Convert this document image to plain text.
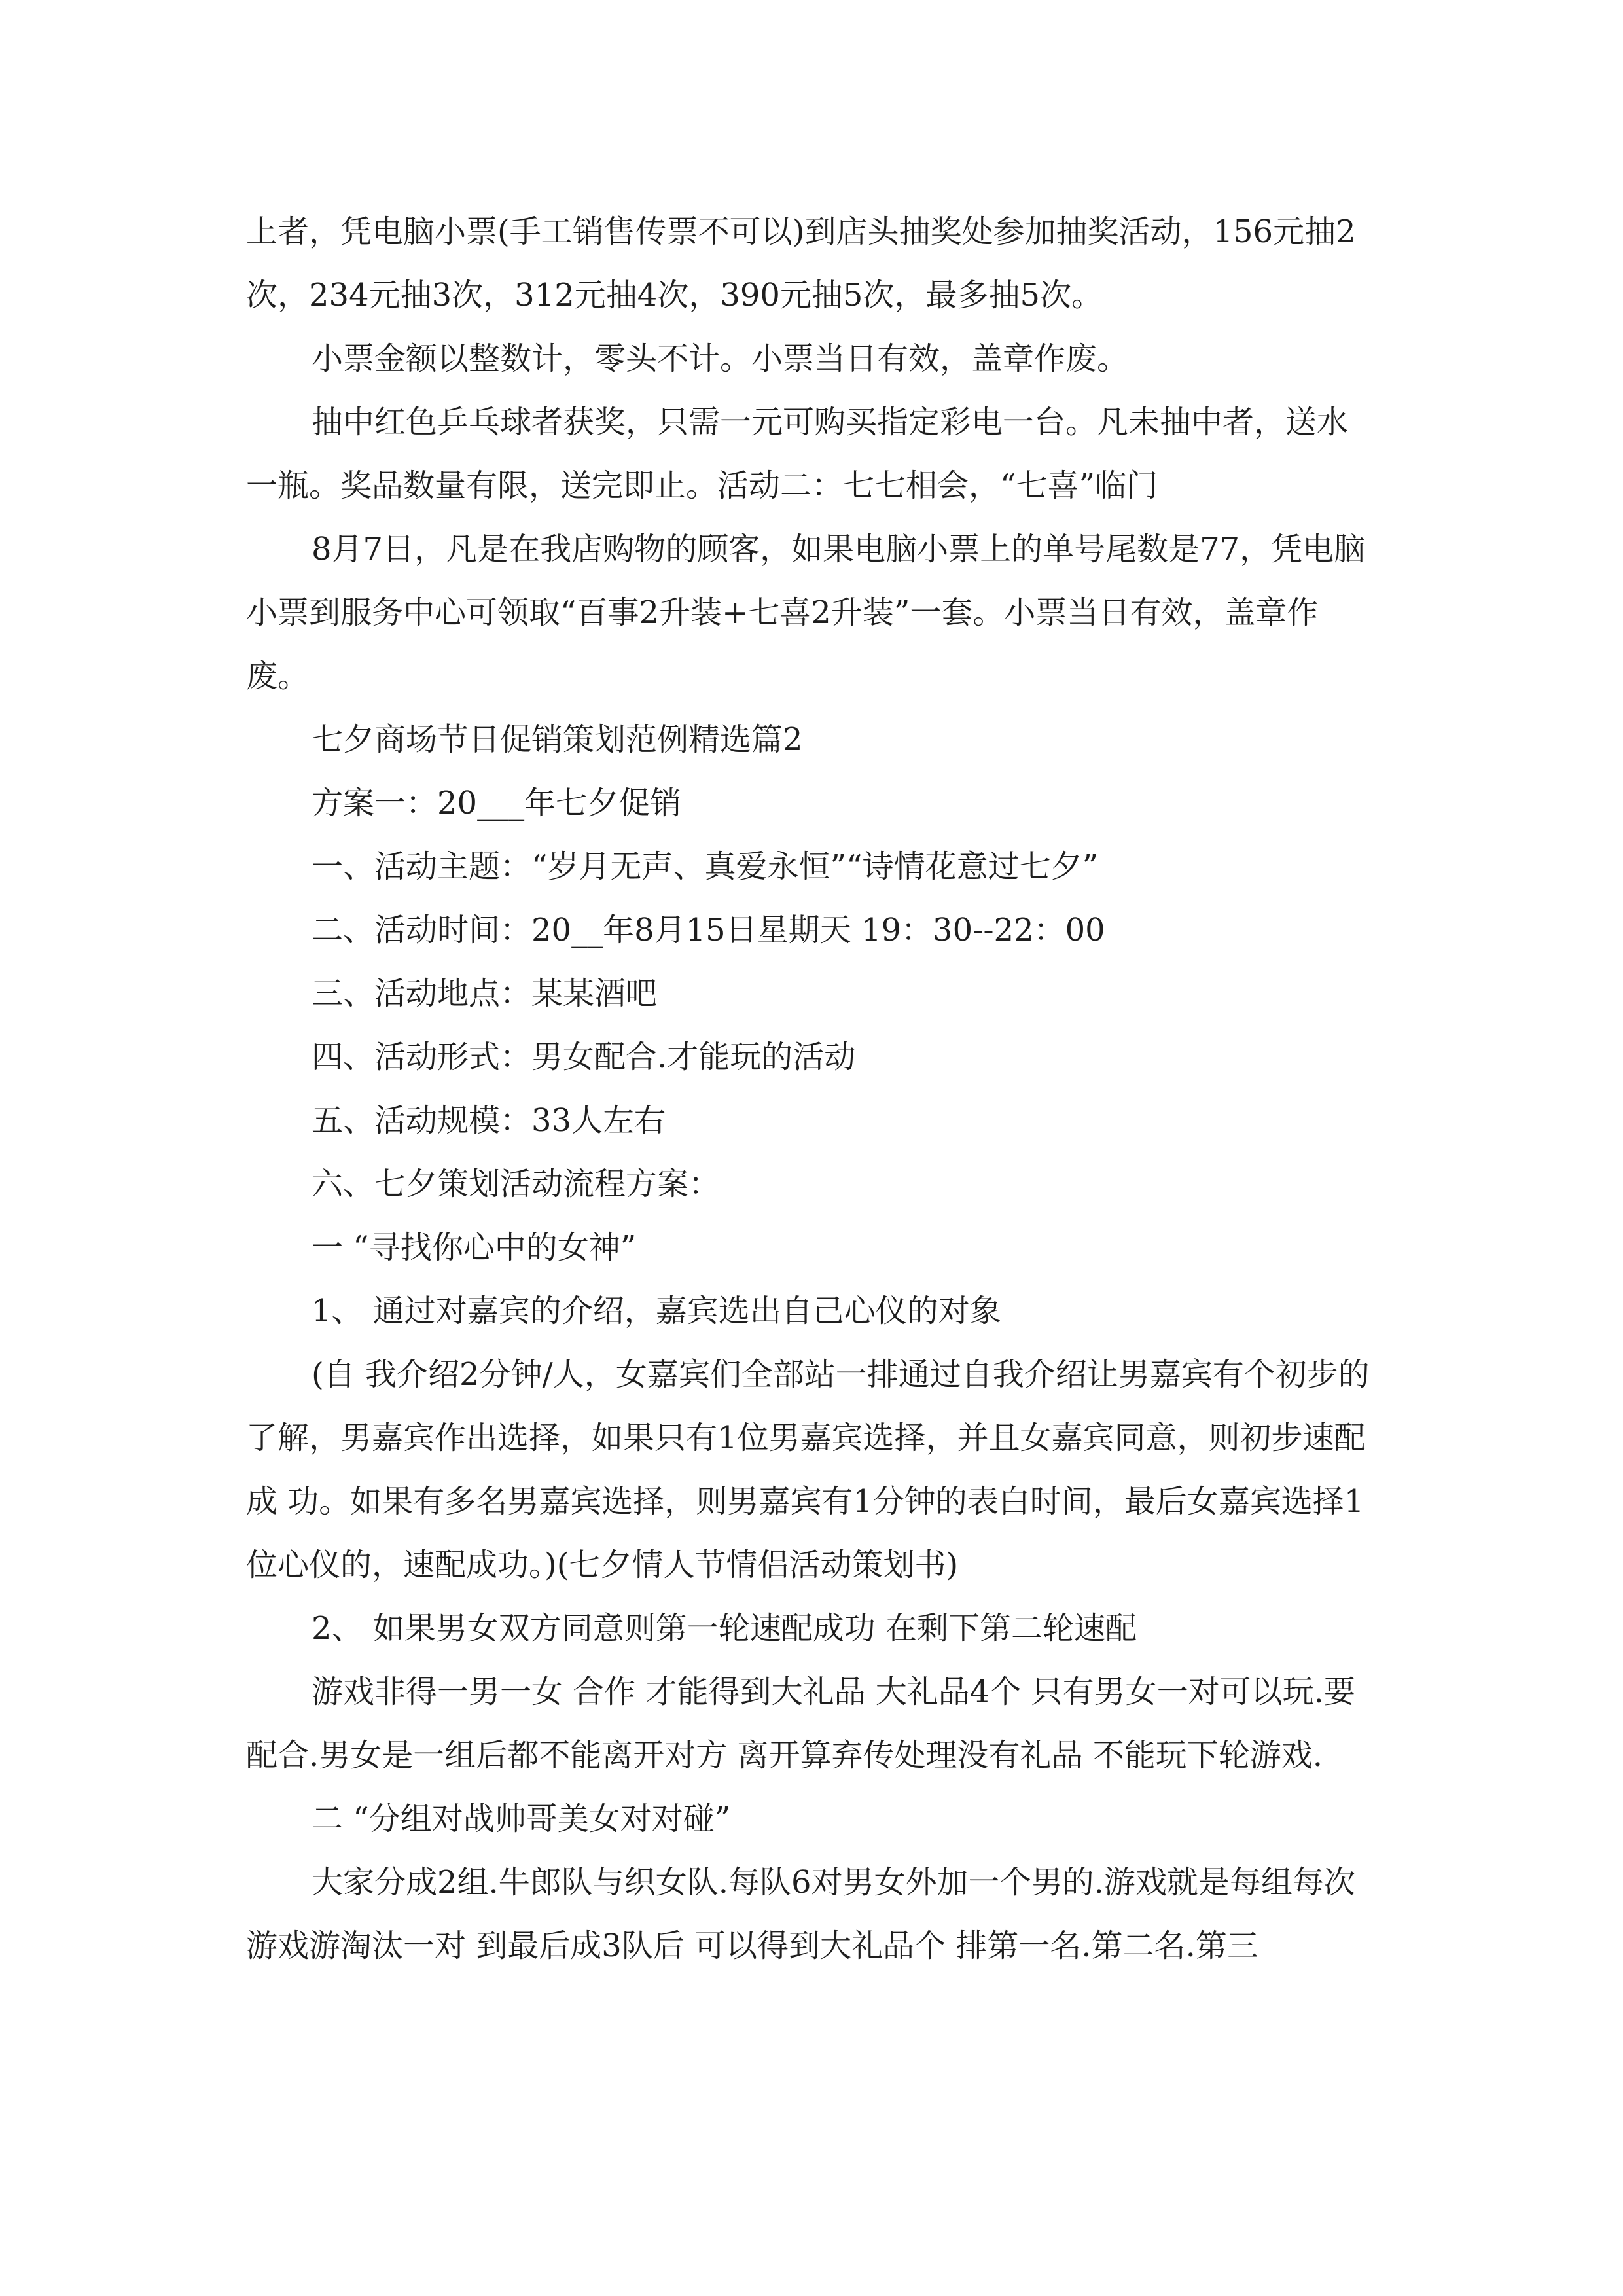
上者，凭电脑小票(手工销售传票不可以)到店头抽奖处参加抽奖活动，156元抽2次，234元抽3次，312元抽4次，390元抽5次，最多抽5次。

小票金额以整数计，零头不计。小票当日有效，盖章作废。

抽中红色乒乓球者获奖，只需一元可购买指定彩电一台。凡未抽中者，送水一瓶。奖品数量有限，送完即止。活动二：七七相会，“七喜”临门

8月7日，凡是在我店购物的顾客，如果电脑小票上的单号尾数是77，凭电脑小票到服务中心可领取“百事2升装+七喜2升装”一套。小票当日有效，盖章作废。

七夕商场节日促销策划范例精选篇2

方案一：20___年七夕促销

一、活动主题：“岁月无声、真爱永恒”“诗情花意过七夕”

二、活动时间：20__年8月15日星期天 19：30--22：00

三、活动地点：某某酒吧

四、活动形式：男女配合.才能玩的活动

五、活动规模：33人左右

六、七夕策划活动流程方案：

一 “寻找你心中的女神”

1、 通过对嘉宾的介绍，嘉宾选出自己心仪的对象

(自 我介绍2分钟/人，女嘉宾们全部站一排通过自我介绍让男嘉宾有个初步的了解，男嘉宾作出选择，如果只有1位男嘉宾选择，并且女嘉宾同意，则初步速配成 功。如果有多名男嘉宾选择，则男嘉宾有1分钟的表白时间，最后女嘉宾选择1位心仪的，速配成功。)(七夕情人节情侣活动策划书)

2、 如果男女双方同意则第一轮速配成功 在剩下第二轮速配

游戏非得一男一女 合作 才能得到大礼品 大礼品4个 只有男女一对可以玩.要配合.男女是一组后都不能离开对方 离开算弃传处理没有礼品 不能玩下轮游戏.

二 “分组对战帅哥美女对对碰”

大家分成2组.牛郎队与织女队.每队6对男女外加一个男的.游戏就是每组每次游戏游淘汰一对 到最后成3队后 可以得到大礼品个 排第一名.第二名.第三
